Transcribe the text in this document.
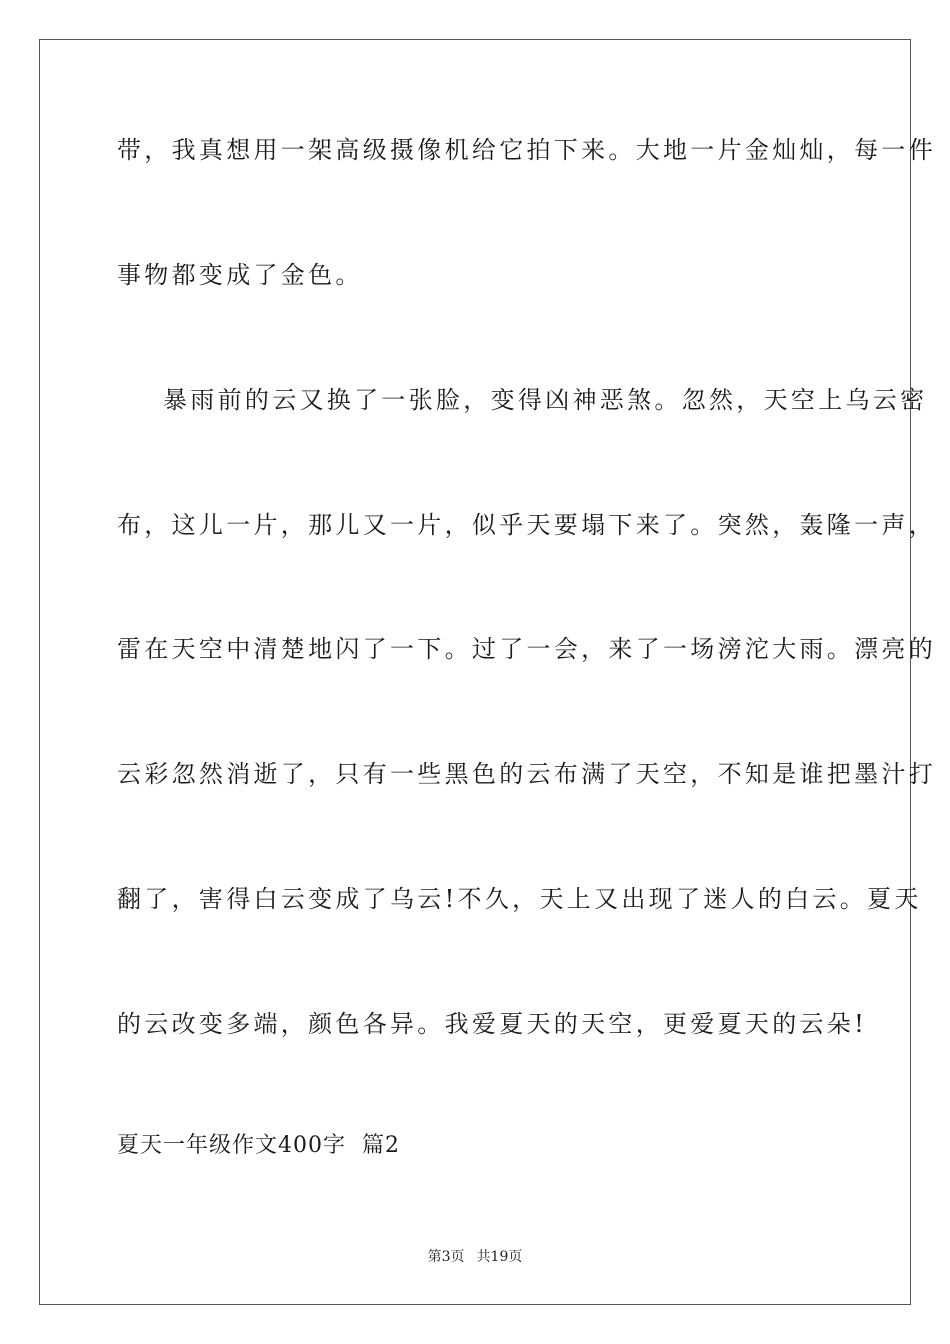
带，我真想用一架高级摄像机给它拍下来。大地一片金灿灿，每一件
事物都变成了金色。
暴雨前的云又换了一张脸，变得凶神恶煞。忽然，天空上乌云密
布，这儿一片，那儿又一片，似乎天要塌下来了。突然，轰隆一声，
雷在天空中清楚地闪了一下。过了一会，来了一场滂沱大雨。漂亮的
云彩忽然消逝了，只有一些黑色的云布满了天空，不知是谁把墨汁打
翻了，害得白云变成了乌云!不久，天上又出现了迷人的白云。夏天
的云改变多端，颜色各异。我爱夏天的天空，更爱夏天的云朵!
夏天一年级作文400字  篇2
第3页 共19页
